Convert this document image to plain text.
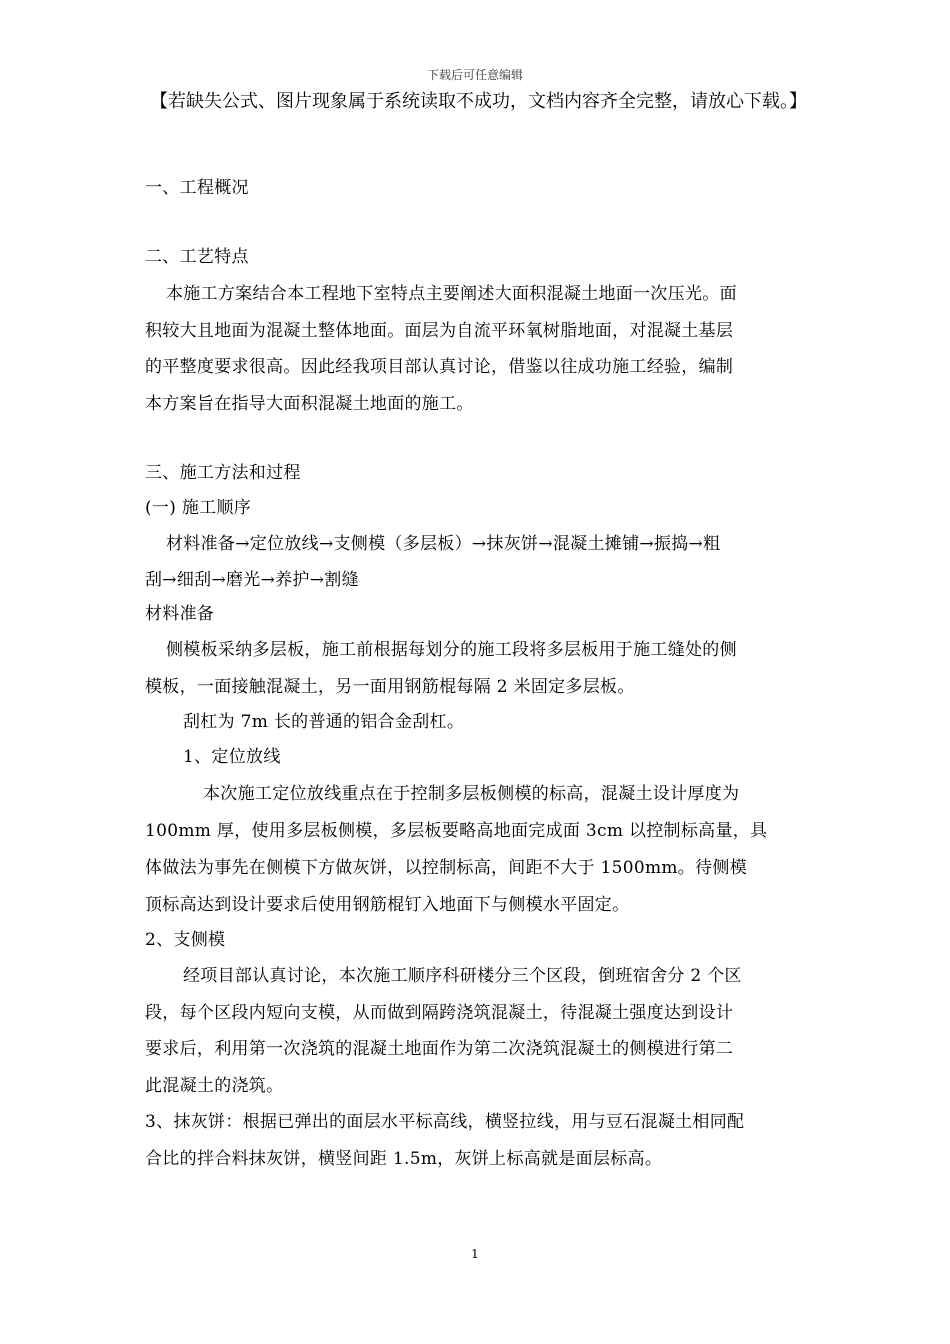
下载后可任意编辑
【若缺失公式、图片现象属于系统读取不成功，文档内容齐全完整，请放心下载。】
一、工程概况
二、工艺特点
本施工方案结合本工程地下室特点主要阐述大面积混凝土地面一次压光。面
积较大且地面为混凝土整体地面。面层为自流平环氧树脂地面，对混凝土基层
的平整度要求很高。因此经我项目部认真讨论，借鉴以往成功施工经验，编制
本方案旨在指导大面积混凝土地面的施工。
三、施工方法和过程
(一) 施工顺序
材料准备→定位放线→支侧模（多层板）→抹灰饼→混凝土摊铺→振捣→粗
刮→细刮→磨光→养护→割缝
材料准备
侧模板采纳多层板，施工前根据每划分的施工段将多层板用于施工缝处的侧
模板，一面接触混凝土，另一面用钢筋棍每隔 2 米固定多层板。
刮杠为 7m 长的普通的铝合金刮杠。
1、定位放线
本次施工定位放线重点在于控制多层板侧模的标高，混凝土设计厚度为
100mm 厚，使用多层板侧模，多层板要略高地面完成面 3cm 以控制标高量，具
体做法为事先在侧模下方做灰饼，以控制标高，间距不大于 1500mm。待侧模
顶标高达到设计要求后使用钢筋棍钉入地面下与侧模水平固定。
2、支侧模
经项目部认真讨论，本次施工顺序科研楼分三个区段，倒班宿舍分 2 个区
段，每个区段内短向支模，从而做到隔跨浇筑混凝土，待混凝土强度达到设计
要求后，利用第一次浇筑的混凝土地面作为第二次浇筑混凝土的侧模进行第二
此混凝土的浇筑。
3、抹灰饼：根据已弹出的面层水平标高线，横竖拉线，用与豆石混凝土相同配
合比的拌合料抹灰饼，横竖间距 1.5m，灰饼上标高就是面层标高。
1
